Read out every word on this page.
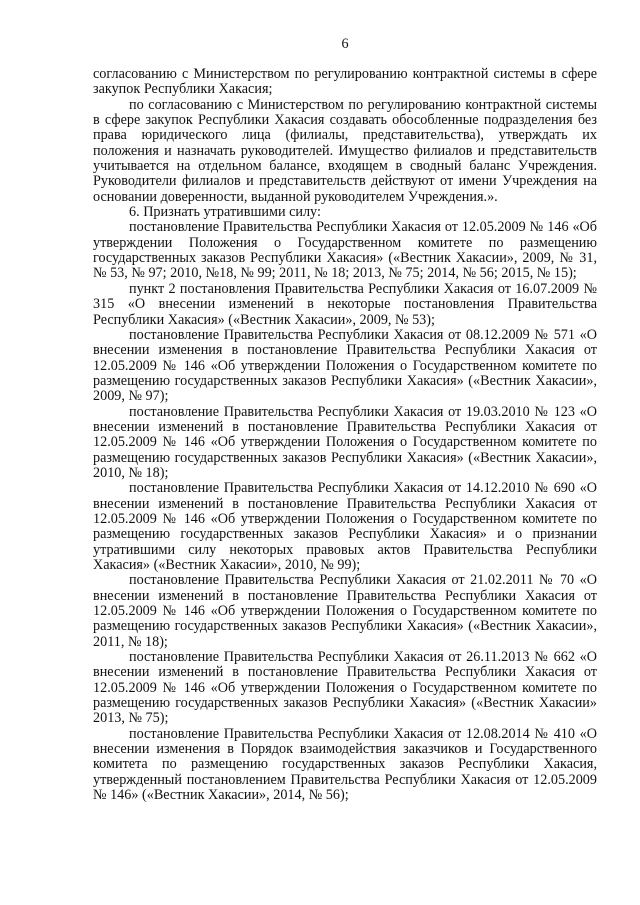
6

согласованию с Министерством по регулированию контрактной системы в сфере закупок Республики Хакасия;

по согласованию с Министерством по регулированию контрактной системы в сфере закупок Республики Хакасия создавать обособленные подразделения без права юридического лица (филиалы, представительства), утверждать их положения и назначать руководителей. Имущество филиалов и представительств учитывается на отдельном балансе, входящем в сводный баланс Учреждения. Руководители филиалов и представительств действуют от имени Учреждения на основании доверенности, выданной руководителем Учреждения.».

6. Признать утратившими силу:

постановление Правительства Республики Хакасия от 12.05.2009 № 146 «Об утверждении Положения о Государственном комитете по размещению государственных заказов Республики Хакасия» («Вестник Хакасии», 2009, № 31, № 53, № 97; 2010, №18, № 99; 2011, № 18; 2013, № 75; 2014, № 56; 2015, № 15);

пункт 2 постановления Правительства Республики Хакасия от 16.07.2009 № 315 «О внесении изменений в некоторые постановления Правительства Республики Хакасия» («Вестник Хакасии», 2009, № 53);

постановление Правительства Республики Хакасия от 08.12.2009 № 571 «О внесении изменения в постановление Правительства Республики Хакасия от 12.05.2009 № 146 «Об утверждении Положения о Государственном комитете по размещению государственных заказов Республики Хакасия» («Вестник Хакасии», 2009, № 97);

постановление Правительства Республики Хакасия от 19.03.2010 № 123 «О внесении изменений в постановление Правительства Республики Хакасия от 12.05.2009 № 146 «Об утверждении Положения о Государственном комитете по размещению государственных заказов Республики Хакасия» («Вестник Хакасии», 2010, № 18);

постановление Правительства Республики Хакасия от 14.12.2010 № 690 «О внесении изменений в постановление Правительства Республики Хакасия от 12.05.2009 № 146 «Об утверждении Положения о Государственном комитете по размещению государственных заказов Республики Хакасия» и о признании утратившими силу некоторых правовых актов Правительства Республики Хакасия» («Вестник Хакасии», 2010, № 99);

постановление Правительства Республики Хакасия от 21.02.2011 № 70 «О внесении изменений в постановление Правительства Республики Хакасия от 12.05.2009 № 146 «Об утверждении Положения о Государственном комитете по размещению государственных заказов Республики Хакасия» («Вестник Хакасии», 2011, № 18);

постановление Правительства Республики Хакасия от 26.11.2013 № 662 «О внесении изменений в постановление Правительства Республики Хакасия от 12.05.2009 № 146 «Об утверждении Положения о Государственном комитете по размещению государственных заказов Республики Хакасия» («Вестник Хакасии» 2013, № 75);

постановление Правительства Республики Хакасия от 12.08.2014 № 410 «О внесении изменения в Порядок взаимодействия заказчиков и Государственного комитета по размещению государственных заказов Республики Хакасия, утвержденный постановлением Правительства Республики Хакасия от 12.05.2009 № 146» («Вестник Хакасии», 2014, № 56);
